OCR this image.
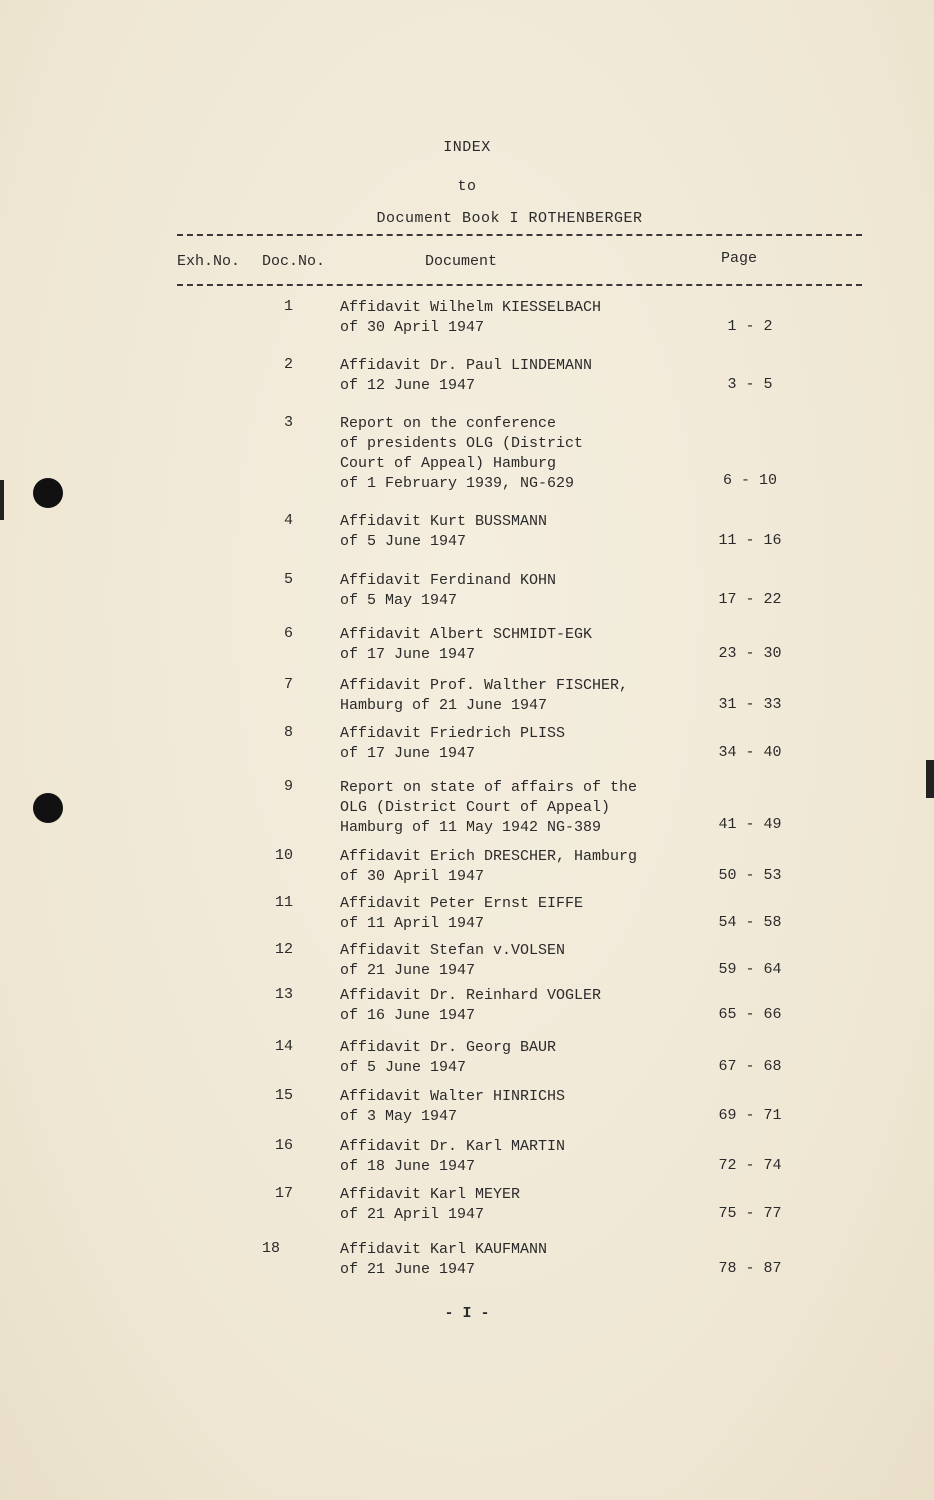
INDEX
to
Document Book I ROTHENBERGER
Exh.No. Doc.No.	Document	Page
1	Affidavit Wilhelm KIESSELBACH
of 30 April 1947	1 - 2
2	Affidavit Dr. Paul LINDEMANN
of 12 June 1947	3 - 5
3	Report on the conference
of presidents OLG (District
Court of Appeal) Hamburg
of 1 February 1939, NG-629	6 - 10
4	Affidavit Kurt BUSSMANN
of 5 June 1947	11 - 16
5	Affidavit Ferdinand KOHN
of 5 May 1947	17 - 22
6	Affidavit Albert SCHMIDT-EGK
of 17 June 1947	23 - 30
7	Affidavit Prof. Walther FISCHER,
Hamburg of 21 June 1947	31 - 33
8	Affidavit Friedrich PLISS
of 17 June 1947	34 - 40
9	Report on state of affairs of the
OLG (District Court of Appeal)
Hamburg of 11 May 1942 NG-389	41 - 49
10	Affidavit Erich DRESCHER, Hamburg
of 30 April 1947	50 - 53
11	Affidavit Peter Ernst EIFFE
of 11 April 1947	54 - 58
12	Affidavit Stefan v.VOLSEN
of 21 June 1947	59 - 64
13	Affidavit Dr. Reinhard VOGLER
of 16 June 1947	65 - 66
14	Affidavit Dr. Georg BAUR
of 5 June 1947	67 - 68
15	Affidavit Walter HINRICHS
of 3 May 1947	69 - 71
16	Affidavit Dr. Karl MARTIN
of 18 June 1947	72 - 74
17	Affidavit Karl MEYER
of 21 April 1947	75 - 77
18	Affidavit Karl KAUFMANN
of 21 June 1947	78 - 87
- I -
